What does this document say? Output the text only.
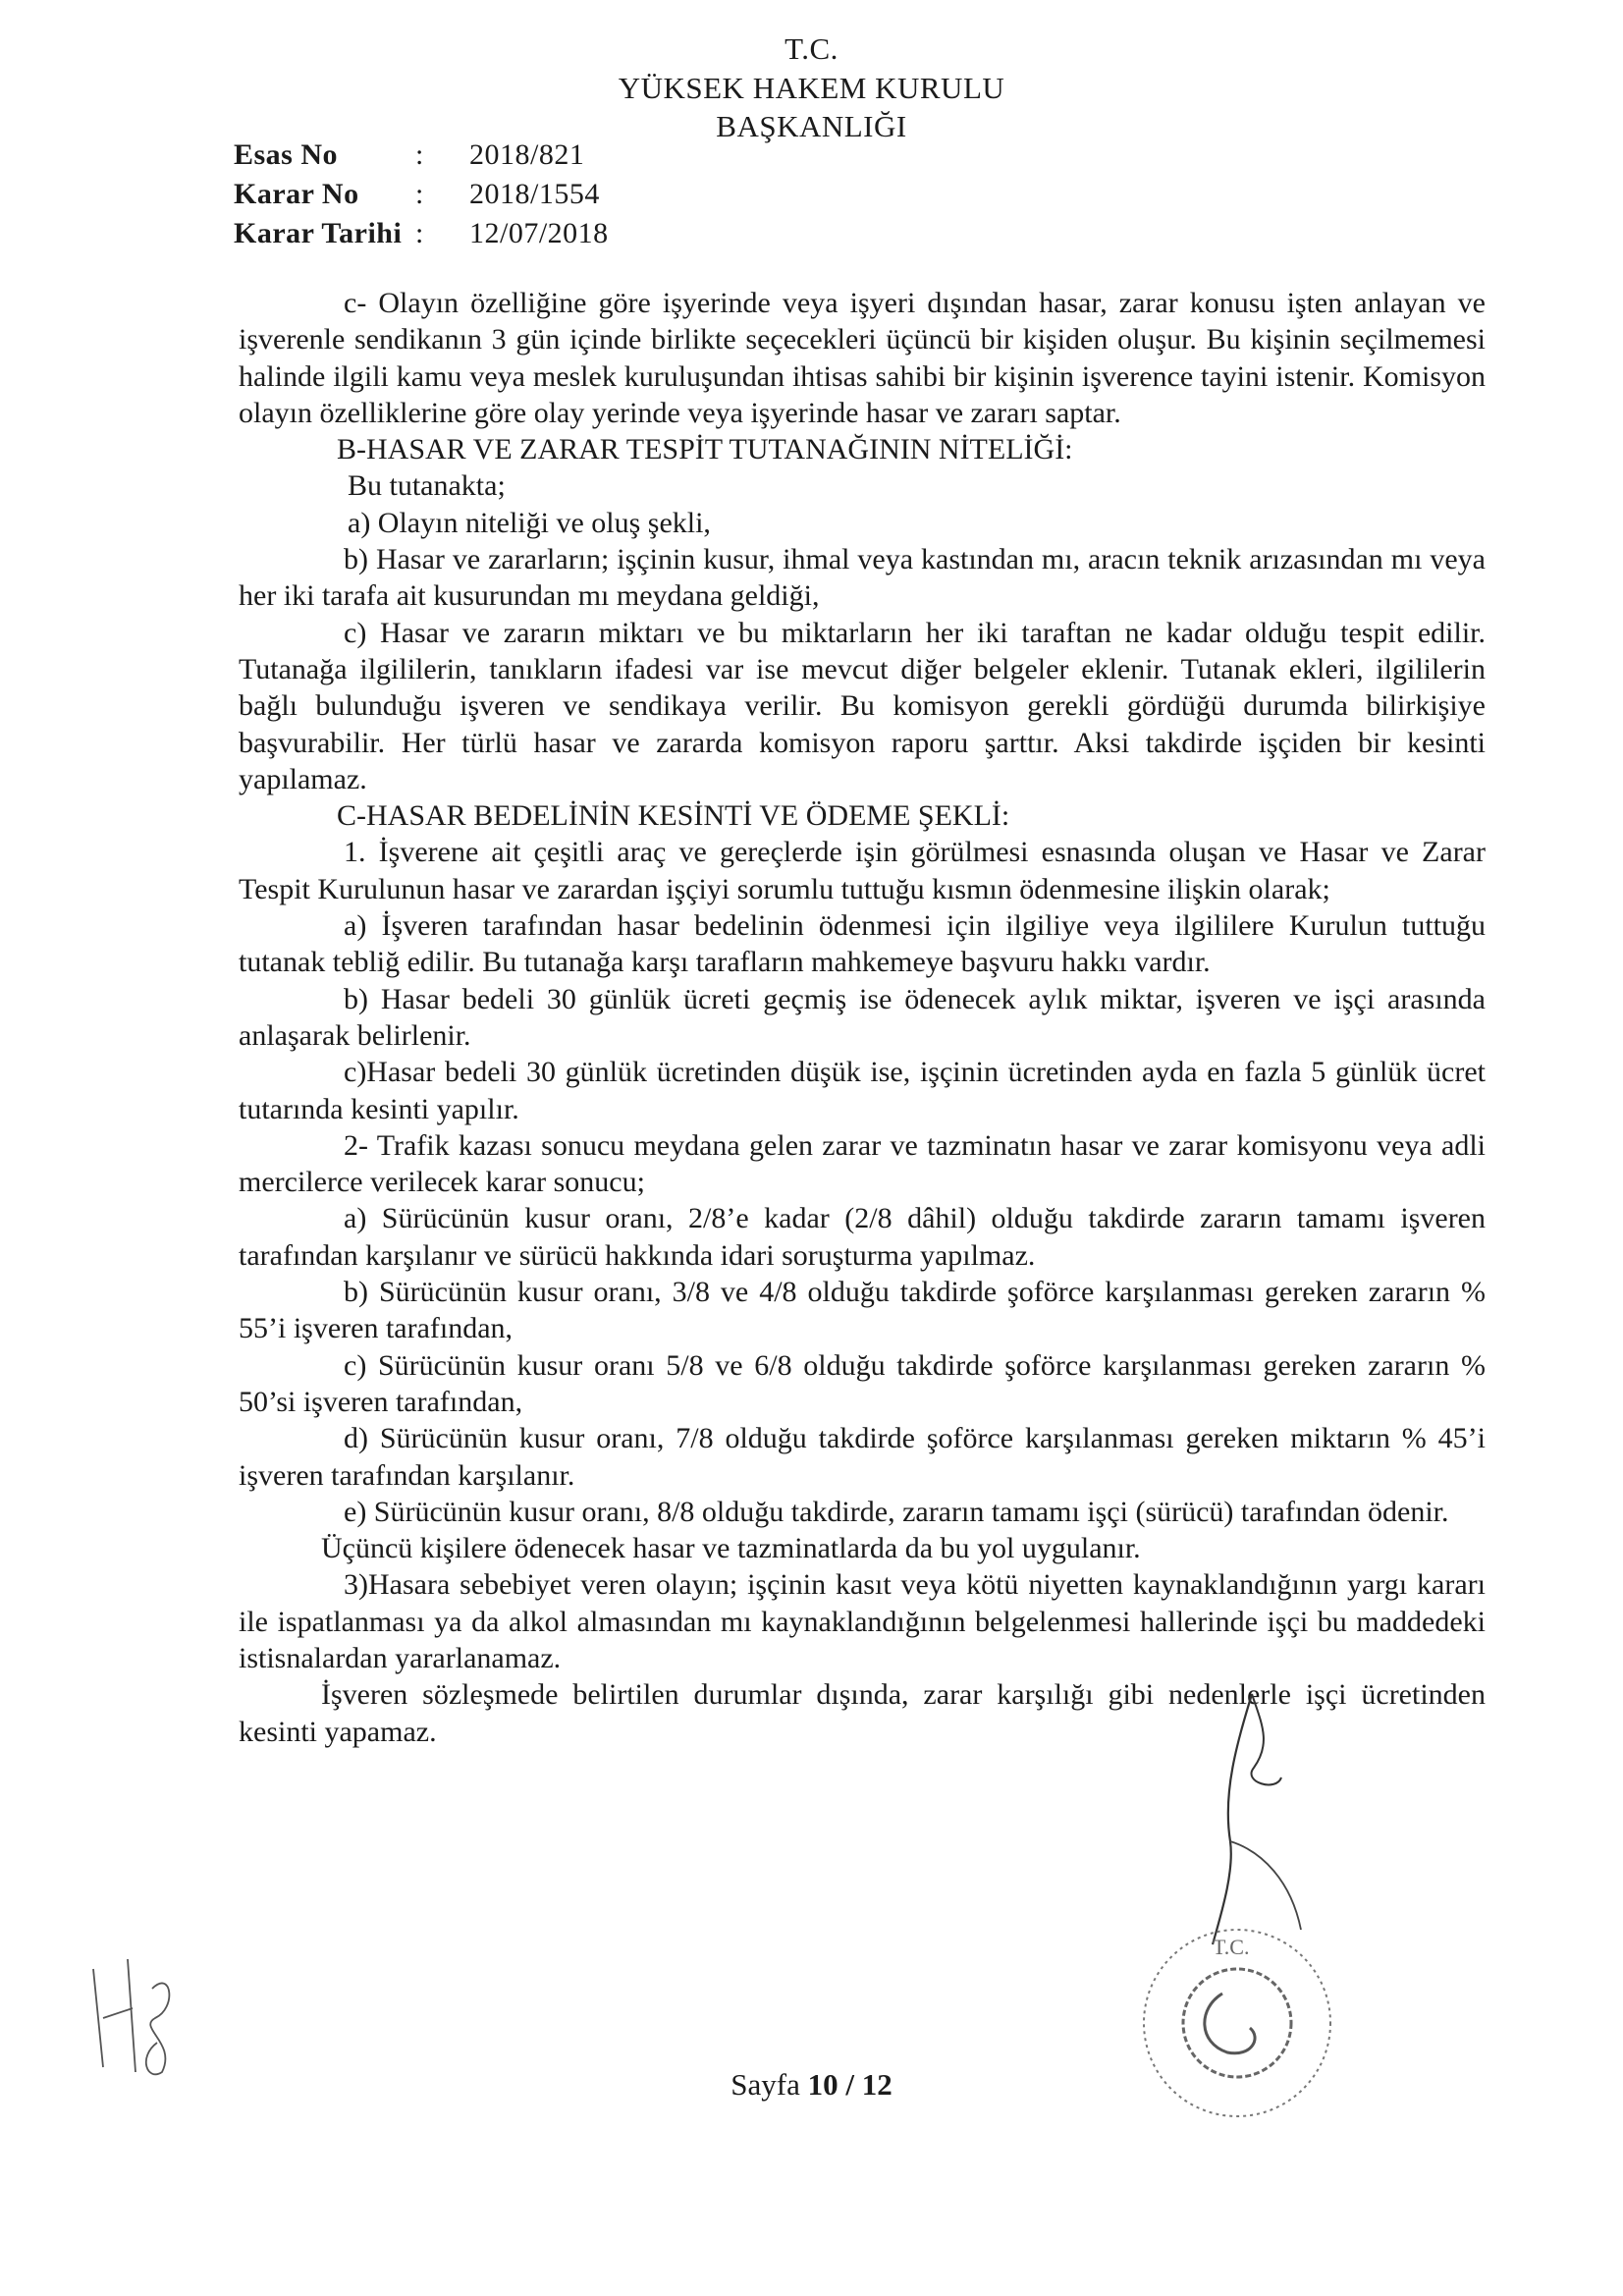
T.C.
YÜKSEK HAKEM KURULU
BAŞKANLIĞI
Esas No	:	2018/821
Karar No	:	2018/1554
Karar Tarihi :	12/07/2018

c- Olayın özelliğine göre işyerinde veya işyeri dışından hasar, zarar konusu işten anlayan ve işverenle sendikanın 3 gün içinde birlikte seçecekleri üçüncü bir kişiden oluşur. Bu kişinin seçilmemesi halinde ilgili kamu veya meslek kuruluşundan ihtisas sahibi bir kişinin işverence tayini istenir. Komisyon olayın özelliklerine göre olay yerinde veya işyerinde hasar ve zararı saptar.

B-HASAR VE ZARAR TESPİT TUTANAĞININ NİTELİĞİ:

Bu tutanakta;

a) Olayın niteliği ve oluş şekli,

b) Hasar ve zararların; işçinin kusur, ihmal veya kastından mı, aracın teknik arızasından mı veya her iki tarafa ait kusurundan mı meydana geldiği,

c) Hasar ve zararın miktarı ve bu miktarların her iki taraftan ne kadar olduğu tespit edilir. Tutanağa ilgililerin, tanıkların ifadesi var ise mevcut diğer belgeler eklenir. Tutanak ekleri, ilgililerin bağlı bulunduğu işveren ve sendikaya verilir. Bu komisyon gerekli gördüğü durumda bilirkişiye başvurabilir. Her türlü hasar ve zararda komisyon raporu şarttır. Aksi takdirde işçiden bir kesinti yapılamaz.

C-HASAR BEDELİNİN KESİNTİ VE ÖDEME ŞEKLİ:

1. İşverene ait çeşitli araç ve gereçlerde işin görülmesi esnasında oluşan ve Hasar ve Zarar Tespit Kurulunun hasar ve zarardan işçiyi sorumlu tuttuğu kısmın ödenmesine ilişkin olarak;

a) İşveren tarafından hasar bedelinin ödenmesi için ilgiliye veya ilgililere Kurulun tuttuğu tutanak tebliğ edilir. Bu tutanağa karşı tarafların mahkemeye başvuru hakkı vardır.

b) Hasar bedeli 30 günlük ücreti geçmiş ise ödenecek aylık miktar, işveren ve işçi arasında anlaşarak belirlenir.

c)Hasar bedeli 30 günlük ücretinden düşük ise, işçinin ücretinden ayda en fazla 5 günlük ücret tutarında kesinti yapılır.

2- Trafik kazası sonucu meydana gelen zarar ve tazminatın hasar ve zarar komisyonu veya adli mercilerce verilecek karar sonucu;

a) Sürücünün kusur oranı, 2/8’e kadar (2/8 dâhil) olduğu takdirde zararın tamamı işveren tarafından karşılanır ve sürücü hakkında idari soruşturma yapılmaz.

b) Sürücünün kusur oranı, 3/8 ve 4/8 olduğu takdirde şoförce karşılanması gereken zararın % 55’i işveren tarafından,

c) Sürücünün kusur oranı 5/8 ve 6/8 olduğu takdirde şoförce karşılanması gereken zararın % 50’si işveren tarafından,

d) Sürücünün kusur oranı, 7/8 olduğu takdirde şoförce karşılanması gereken miktarın % 45’i işveren tarafından karşılanır.

e) Sürücünün kusur oranı, 8/8 olduğu takdirde, zararın tamamı işçi (sürücü) tarafından ödenir.

Üçüncü kişilere ödenecek hasar ve tazminatlarda da bu yol uygulanır.

3)Hasara sebebiyet veren olayın; işçinin kasıt veya kötü niyetten kaynaklandığının yargı kararı ile ispatlanması ya da alkol almasından mı kaynaklandığının belgelenmesi hallerinde işçi bu maddedeki istisnalardan yararlanamaz.

İşveren sözleşmede belirtilen durumlar dışında, zarar karşılığı gibi nedenlerle işçi ücretinden kesinti yapamaz.

T.C.
Sayfa 10 / 12
